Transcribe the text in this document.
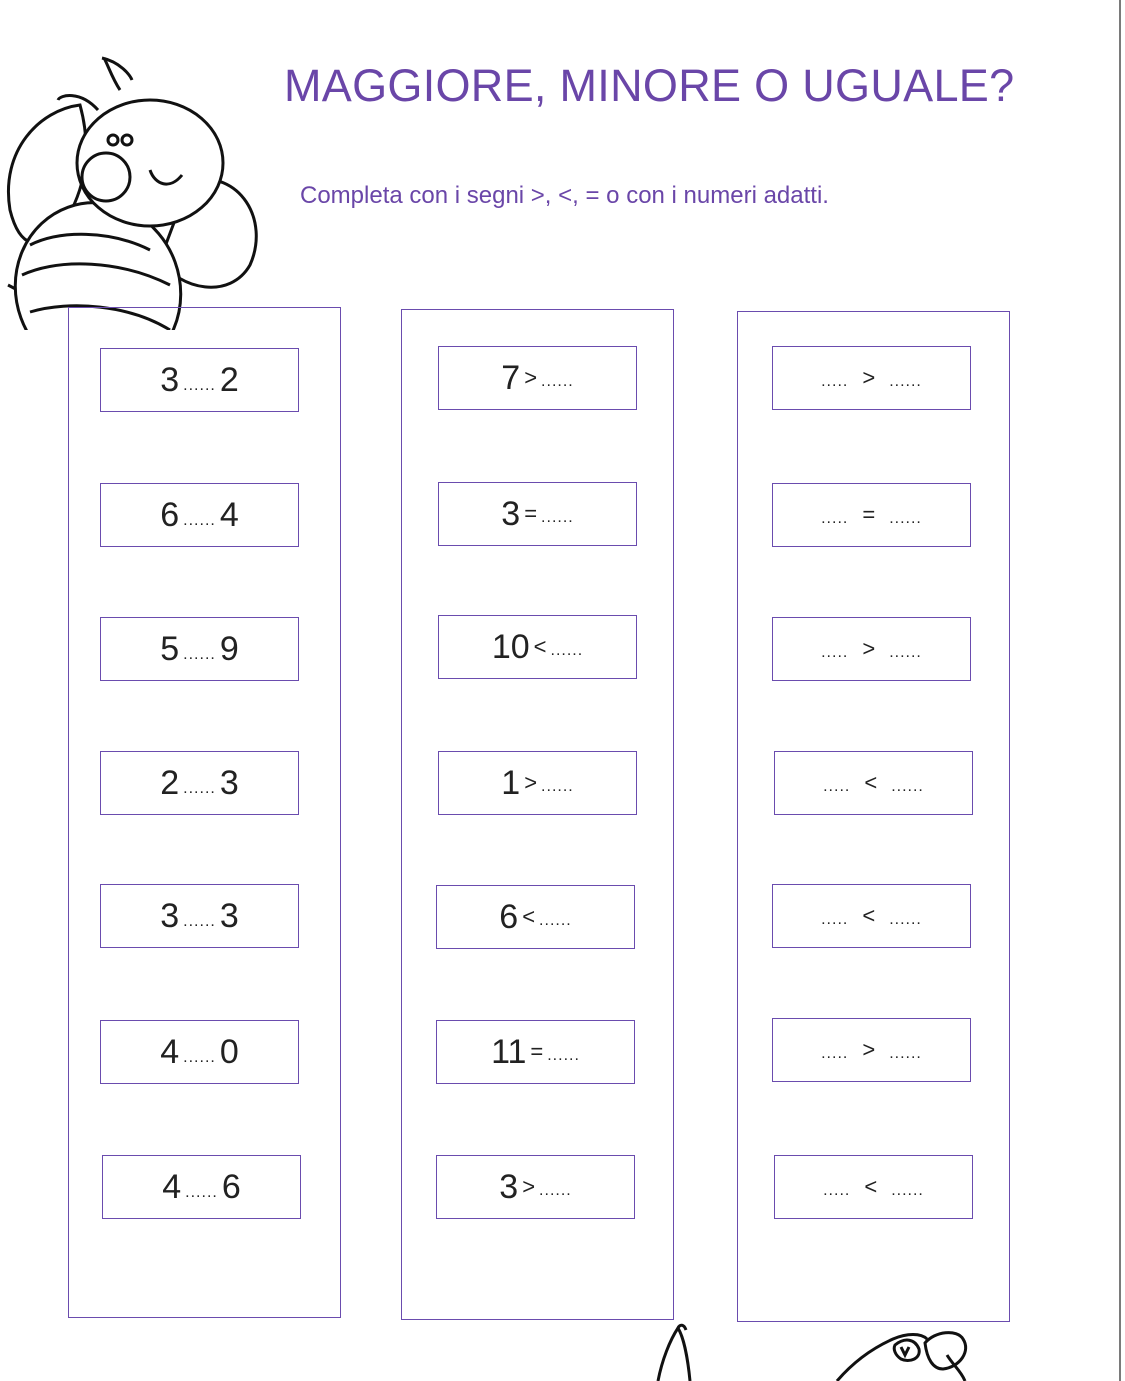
MAGGIORE, MINORE O UGUALE?
Completa con i segni >, <, = o con i numeri adatti.
3 ...... 2
6 ...... 4
5 ...... 9
2 ...... 3
3 ...... 3
4 ...... 0
4 ...... 6
7 > ......
3 = ......
10 < ......
1 > ......
6 < ......
11 = ......
3 > ......
..... > ......
..... = ......
..... > ......
..... < ......
..... < ......
..... > ......
..... < ......
